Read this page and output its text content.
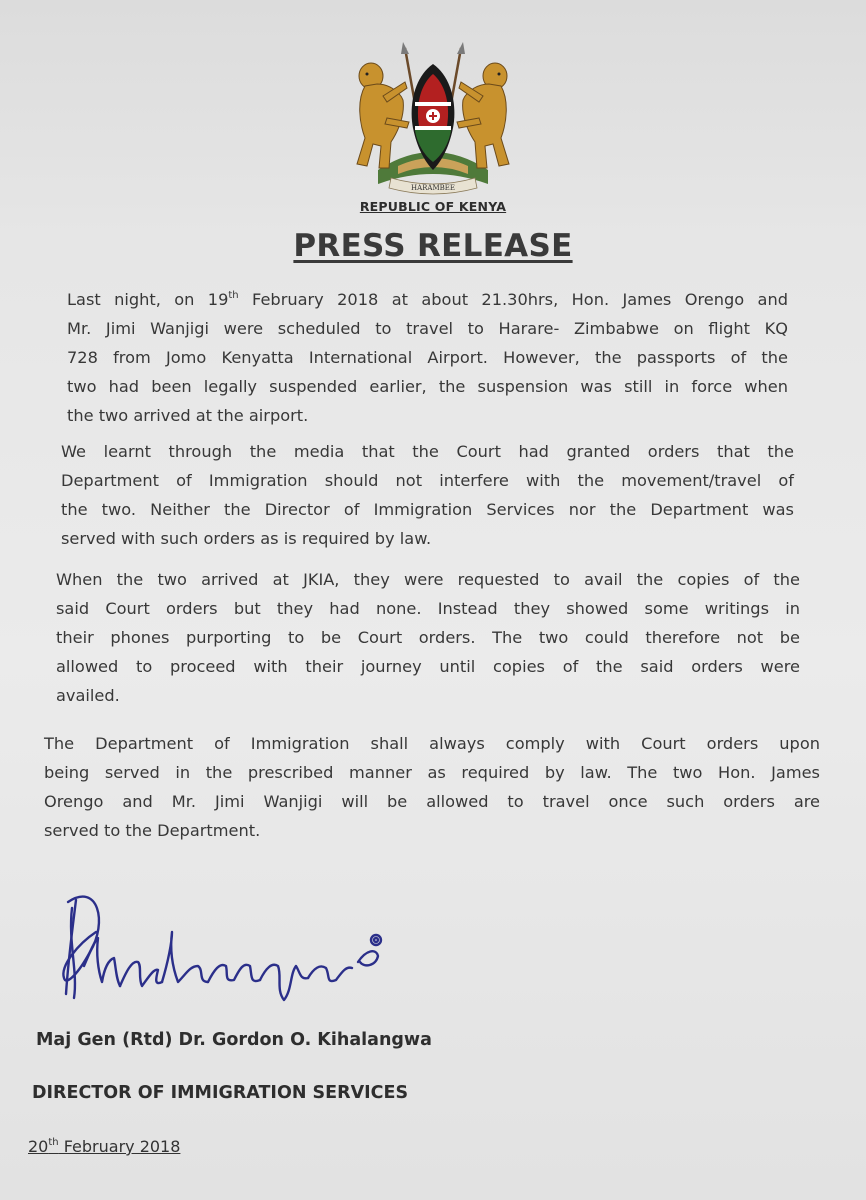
HARAMBEE
REPUBLIC OF KENYA
PRESS RELEASE
Last night, on 19th February 2018 at about 21.30hrs, Hon. James Orengo and
Mr. Jimi Wanjigi were scheduled to travel to Harare- Zimbabwe on flight KQ
728 from Jomo Kenyatta International Airport. However, the passports of the
two had been legally suspended earlier, the suspension was still in force when
the two arrived at the airport.
We learnt through the media that the Court had granted orders that the
Department of Immigration should not interfere with the movement/travel of
the two. Neither the Director of Immigration Services nor the Department was
served with such orders as is required by law.
When the two arrived at JKIA, they were requested to avail the copies of the
said Court orders but they had none. Instead they showed some writings in
their phones purporting to be Court orders. The two could therefore not be
allowed to proceed with their journey until copies of the said orders were
availed.
The Department of Immigration shall always comply with Court orders upon
being served in the prescribed manner as required by law. The two Hon. James
Orengo and Mr. Jimi Wanjigi will be allowed to travel once such orders are
served to the Department.
Maj Gen (Rtd) Dr. Gordon O. Kihalangwa
DIRECTOR OF IMMIGRATION SERVICES
20th February 2018
